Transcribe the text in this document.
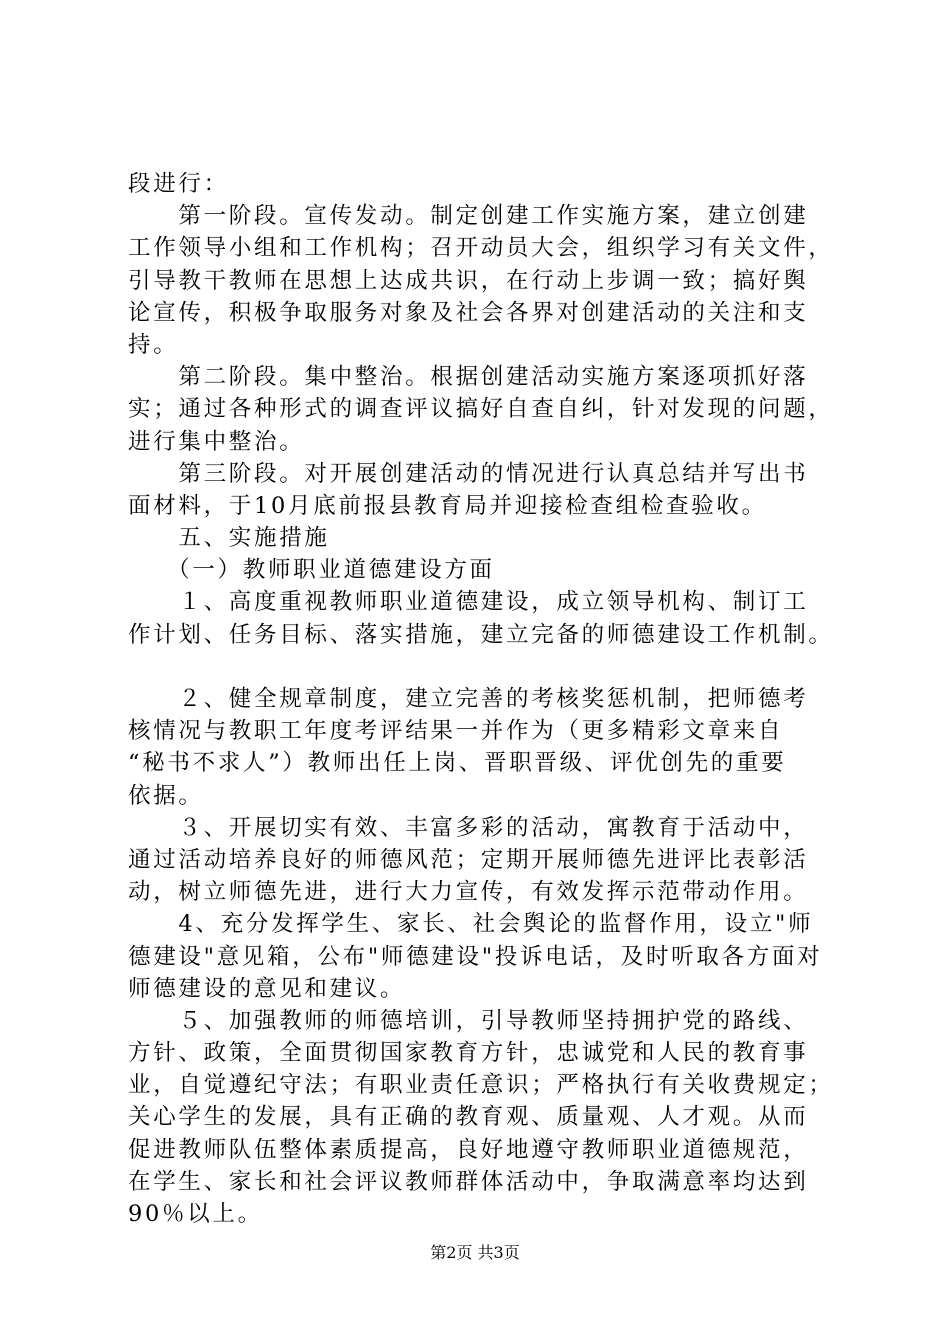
段进行：
　　第一阶段。宣传发动。制定创建工作实施方案，建立创建
工作领导小组和工作机构；召开动员大会，组织学习有关文件，
引导教干教师在思想上达成共识，在行动上步调一致；搞好舆
论宣传，积极争取服务对象及社会各界对创建活动的关注和支
持。
　　第二阶段。集中整治。根据创建活动实施方案逐项抓好落
实；通过各种形式的调查评议搞好自查自纠，针对发现的问题，
进行集中整治。
　　第三阶段。对开展创建活动的情况进行认真总结并写出书
面材料，于10月底前报县教育局并迎接检查组检查验收。
　　五、实施措施
　　（一）教师职业道德建设方面
　　１、高度重视教师职业道德建设，成立领导机构、制订工
作计划、任务目标、落实措施，建立完备的师德建设工作机制。
　　２、健全规章制度，建立完善的考核奖惩机制，把师德考
核情况与教职工年度考评结果一并作为（更多精彩文章来自
“秘书不求人”）教师出任上岗、晋职晋级、评优创先的重要
依据。
　　３、开展切实有效、丰富多彩的活动，寓教育于活动中，
通过活动培养良好的师德风范；定期开展师德先进评比表彰活
动，树立师德先进，进行大力宣传，有效发挥示范带动作用。
　　4、充分发挥学生、家长、社会舆论的监督作用，设立"师
德建设"意见箱，公布"师德建设"投诉电话，及时听取各方面对
师德建设的意见和建议。
　　５、加强教师的师德培训，引导教师坚持拥护党的路线、
方针、政策，全面贯彻国家教育方针，忠诚党和人民的教育事
业，自觉遵纪守法；有职业责任意识；严格执行有关收费规定；
关心学生的发展，具有正确的教育观、质量观、人才观。从而
促进教师队伍整体素质提高，良好地遵守教师职业道德规范，
在学生、家长和社会评议教师群体活动中，争取满意率均达到
90％以上。
第2页 共3页
